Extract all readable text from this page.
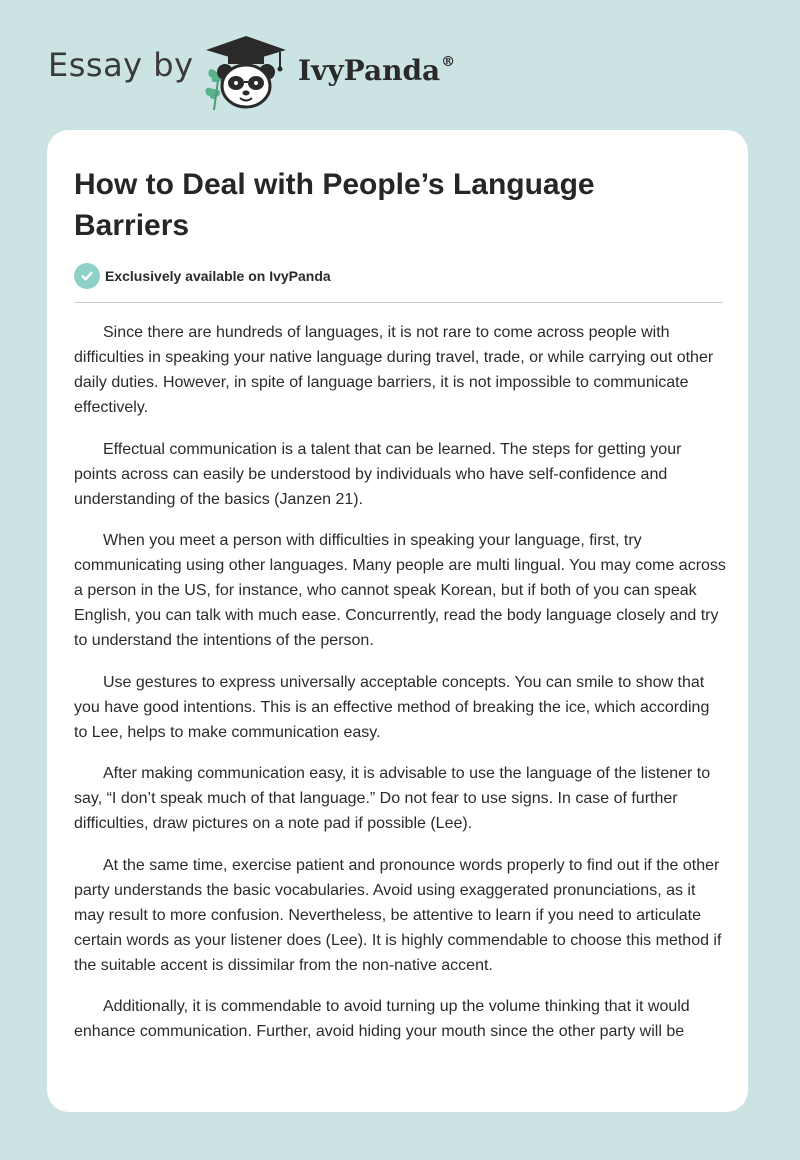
Essay by	IvyPanda®
How to Deal with People’s Language Barriers
Exclusively available on IvyPanda

Since there are hundreds of languages, it is not rare to come across people with difficulties in speaking your native language during travel, trade, or while carrying out other daily duties. However, in spite of language barriers, it is not impossible to communicate effectively.

Effectual communication is a talent that can be learned. The steps for getting your points across can easily be understood by individuals who have self-confidence and understanding of the basics (Janzen 21).

When you meet a person with difficulties in speaking your language, first, try communicating using other languages. Many people are multi lingual. You may come across a person in the US, for instance, who cannot speak Korean, but if both of you can speak English, you can talk with much ease. Concurrently, read the body language closely and try to understand the intentions of the person.

Use gestures to express universally acceptable concepts. You can smile to show that you have good intentions. This is an effective method of breaking the ice, which according to Lee, helps to make communication easy.

After making communication easy, it is advisable to use the language of the listener to say, “I don’t speak much of that language.” Do not fear to use signs. In case of further difficulties, draw pictures on a note pad if possible (Lee).

At the same time, exercise patient and pronounce words properly to find out if the other party understands the basic vocabularies. Avoid using exaggerated pronunciations, as it may result to more confusion. Nevertheless, be attentive to learn if you need to articulate certain words as your listener does (Lee). It is highly commendable to choose this method if the suitable accent is dissimilar from the non-native accent.

Additionally, it is commendable to avoid turning up the volume thinking that it would enhance communication. Further, avoid hiding your mouth since the other party will be
